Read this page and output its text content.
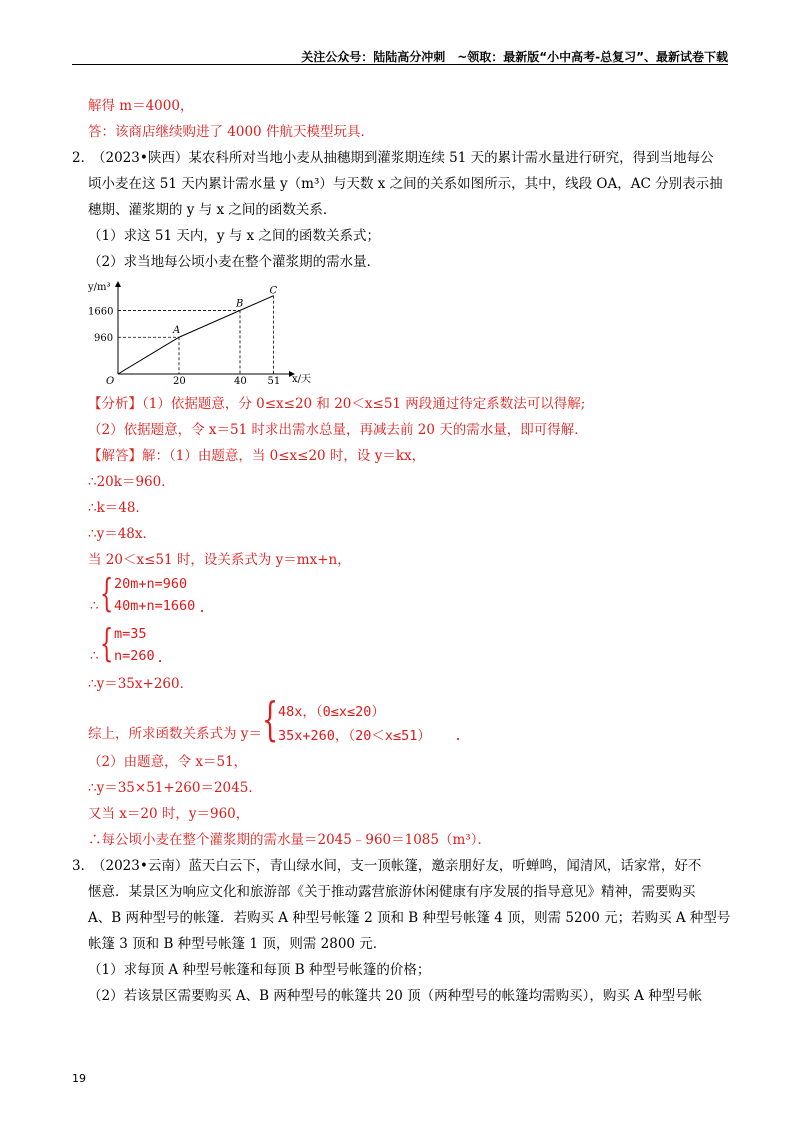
关注公众号：陆陆高分冲刺　~领取：最新版“小中高考-总复习”、最新试卷下载
解得 m＝4000，
答：该商店继续购进了 4000 件航天模型玩具．
2．
（2023•陕西）某农科所对当地小麦从抽穗期到灌浆期连续 51 天的累计需水量进行研究，得到当地每公
顷小麦在这 51 天内累计需水量 y（m³）与天数 x 之间的关系如图所示，其中，线段 OA，AC 分别表示抽
穗期、灌浆期的 y 与 x 之间的函数关系．
（1）求这 51 天内，y 与 x 之间的函数关系式；
（2）求当地每公顷小麦在整个灌浆期的需水量．
y/m³
x/天
O
1660
960
20	40 51
A
B
C
【分析】（1）依据题意，分 0≤x≤20 和 20＜x≤51 两段通过待定系数法可以得解;
（2）依据题意，令 x＝51 时求出需水总量，再减去前 20 天的需水量，即可得解．
【解答】解：（1）由题意，当 0≤x≤20 时，设 y＝kx，
∴20k＝960．
∴k＝48．
∴y＝48x．
当 20＜x≤51 时，设关系式为 y＝mx+n，
∴ { 20m+n=960
40m+n=1660 .
∴ { m=35
n=260 .
∴y＝35x+260．
综上，所求函数关系式为 y＝ { 48x，（0≤x≤20）
35x+260，（20＜x≤51） .
（2）由题意，令 x＝51，
∴y＝35×51+260＝2045．
又当 x＝20 时，y＝960，
∴每公顷小麦在整个灌浆期的需水量＝2045﹣960＝1085（m³）．
3．
（2023•云南）蓝天白云下，青山绿水间，支一顶帐篷，邀亲朋好友，听蝉鸣，闻清风，话家常，好不
惬意．某景区为响应文化和旅游部《关于推动露营旅游休闲健康有序发展的指导意见》精神，需要购买
A、B 两种型号的帐篷．若购买 A 种型号帐篷 2 顶和 B 种型号帐篷 4 顶，则需 5200 元；若购买 A 种型号
帐篷 3 顶和 B 种型号帐篷 1 顶，则需 2800 元．
（1）求每顶 A 种型号帐篷和每顶 B 种型号帐篷的价格；
（2）若该景区需要购买 A、B 两种型号的帐篷共 20 顶（两种型号的帐篷均需购买），购买 A 种型号帐
19
